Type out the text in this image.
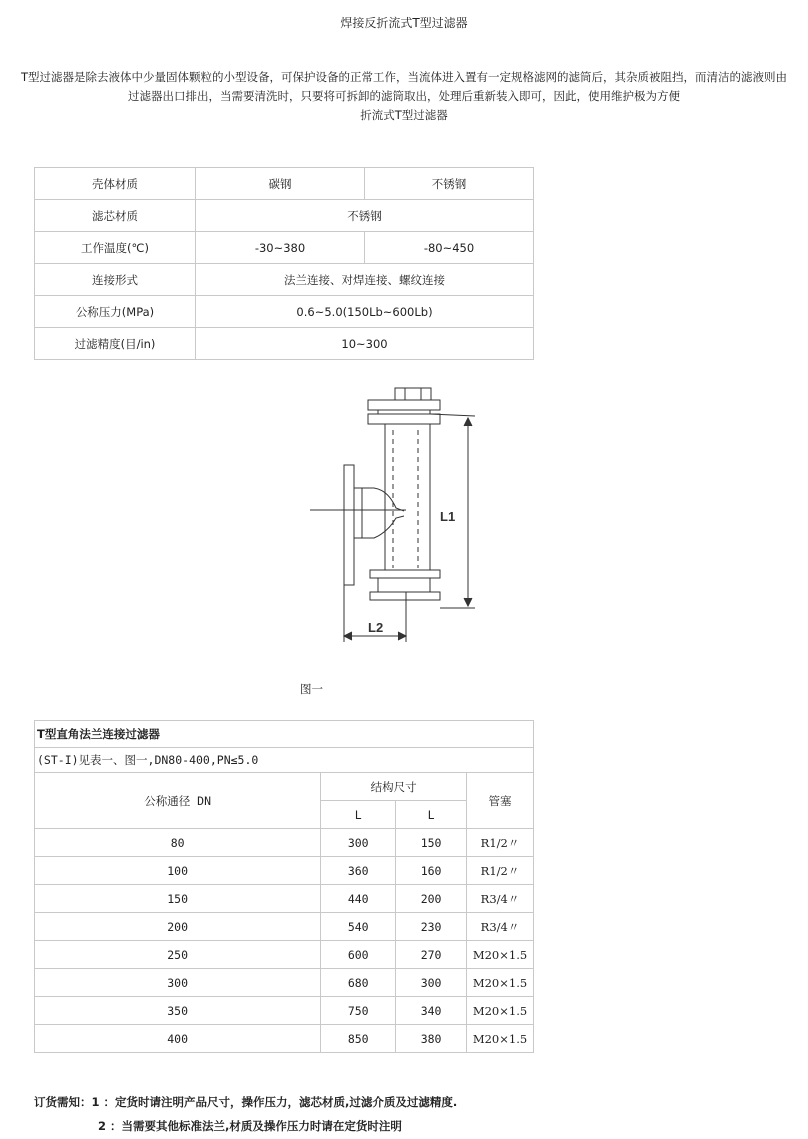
焊接反折流式T型过滤器
T型过滤器是除去液体中少量固体颗粒的小型设备，可保护设备的正常工作，当流体进入置有一定规格滤网的滤筒后，其杂质被阻挡，而清洁的滤液则由
过滤器出口排出，当需要清洗时，只要将可拆卸的滤筒取出，处理后重新装入即可，因此，使用维护极为方便
折流式T型过滤器
壳体材质	碳钢	不锈钢
滤芯材质	不锈钢	
工作温度(℃)	-30~380	-80~450
连接形式	法兰连接、对焊连接、螺纹连接	
公称压力(MPa)	0.6~5.0(150Lb~600Lb)	
过滤精度(目/in)	10~300	
L1
L2
图一
T型直角法兰连接过滤器			
(ST-I)见表一、图一,DN80-400,PN≤5.0			
公称通径 DN	结构尺寸		管塞
	L	L	
80	300	150	R1/2〃
100	360	160	R1/2〃
150	440	200	R3/4〃
200	540	230	R3/4〃
250	600	270	M20×1.5
300	680	300	M20×1.5
350	750	340	M20×1.5
400	850	380	M20×1.5
订货需知：1 ：定货时请注明产品尺寸，操作压力，滤芯材质,过滤介质及过滤精度.
2 ：当需要其他标准法兰,材质及操作压力时请在定货时注明
